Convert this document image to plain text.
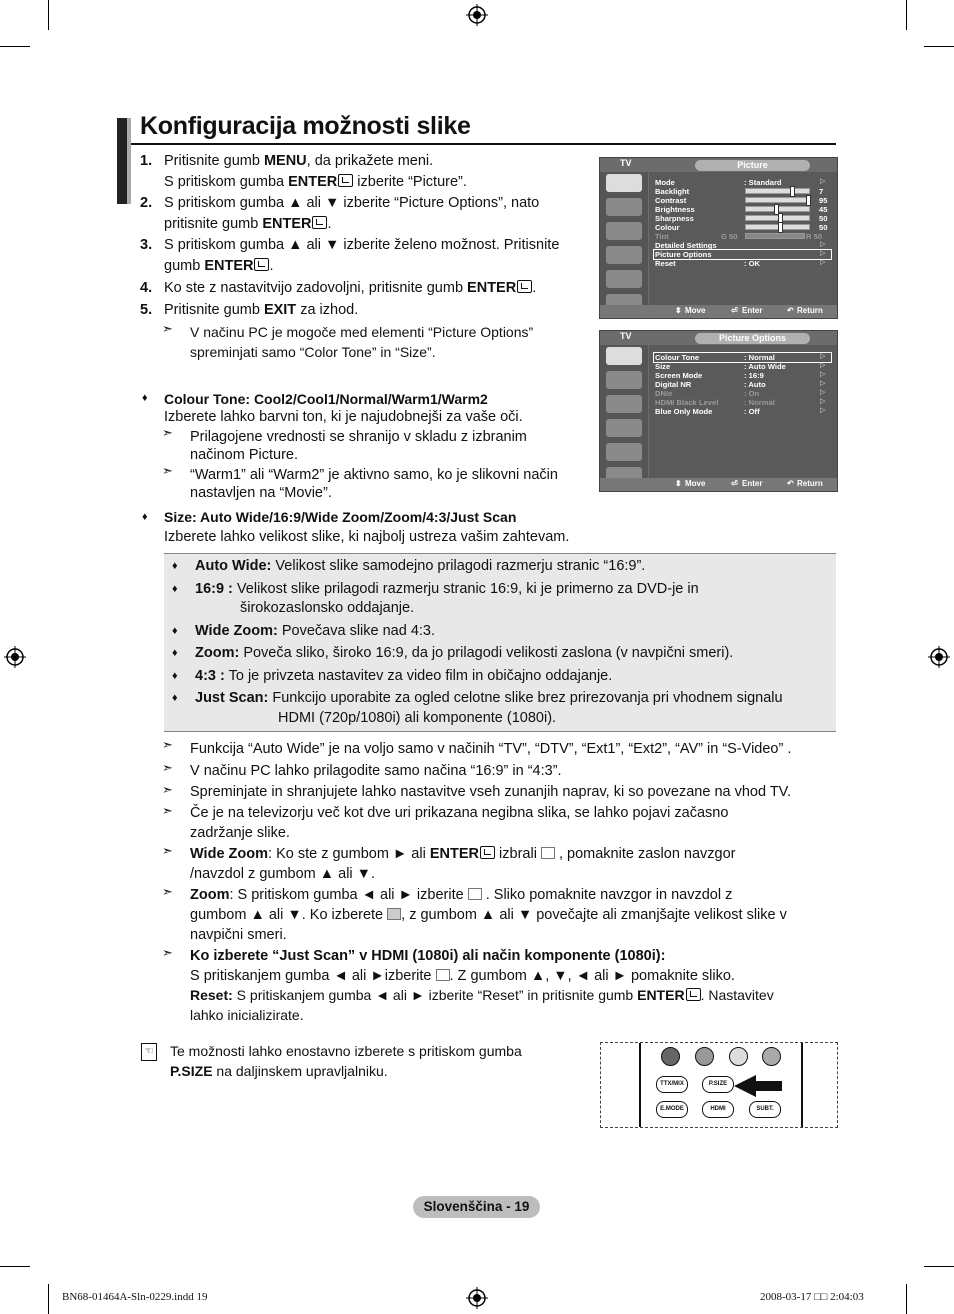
Konfiguracija možnosti slike
1. Pritisnite gumb MENU, da prikažete meni.
S pritiskom gumba ENTER izberite “Picture”.
2. S pritiskom gumba ▲ ali ▼ izberite “Picture Options”, nato
pritisnite gumb ENTER .
3. S pritiskom gumba ▲ ali ▼ izberite želeno možnost. Pritisnite
gumb ENTER .
4. Ko ste z nastavitvijo zadovoljni, pritisnite gumb ENTER .
5. Pritisnite gumb EXIT za izhod.
➣ V načinu PC je mogoče med elementi “Picture Options”
spreminjati samo “Color Tone” in “Size”.
♦ Colour Tone: Cool2/Cool1/Normal/Warm1/Warm2
Izberete lahko barvni ton, ki je najudobnejši za vaše oči.
➣ Prilagojene vrednosti se shranijo v skladu z izbranim
načinom Picture.
➣ “Warm1” ali “Warm2” je aktivno samo, ko je slikovni način
nastavljen na “Movie”.
♦ Size: Auto Wide/16:9/Wide Zoom/Zoom/4:3/Just Scan
Izberete lahko velikost slike, ki najbolj ustreza vašim zahtevam.
♦ Auto Wide: Velikost slike samodejno prilagodi razmerju stranic “16:9”.
♦ 16:9 : Velikost slike prilagodi razmerju stranic 16:9, ki je primerno za DVD-je in
širokozaslonsko oddajanje.
♦ Wide Zoom: Povečava slike nad 4:3.
♦ Zoom: Poveča sliko, široko 16:9, da jo prilagodi velikosti zaslona (v navpični smeri).
♦ 4:3 : To je privzeta nastavitev za video film in običajno oddajanje.
♦ Just Scan: Funkcijo uporabite za ogled celotne slike brez prirezovanja pri vhodnem signalu
HDMI (720p/1080i) ali komponente (1080i).
➣ Funkcija “Auto Wide” je na voljo samo v načinih “TV”, “DTV”, “Ext1”, “Ext2”, “AV” in “S-Video” .
➣ V načinu PC lahko prilagodite samo načina “16:9” in “4:3”.
➣ Spreminjate in shranjujete lahko nastavitve vseh zunanjih naprav, ki so povezane na vhod TV.
➣ Če je na televizorju več kot dve uri prikazana negibna slika, se lahko pojavi začasno
zadržanje slike.
➣ Wide Zoom: Ko ste z gumbom ► ali ENTER izbrali  , pomaknite zaslon navzgor
/navzdol z gumbom ▲ ali ▼.
➣ Zoom: S pritiskom gumba ◄ ali ► izberite  . Sliko pomaknite navzgor in navzdol z
gumbom ▲ ali ▼. Ko izberete , z gumbom ▲ ali ▼ povečajte ali zmanjšajte velikost slike v
navpični smeri.
➣ Ko izberete “Just Scan” v HDMI (1080i) ali način komponente (1080i):
S pritiskanjem gumba ◄ ali ►izberite . Z gumbom ▲, ▼, ◄ ali ► pomaknite sliko.
Reset: S pritiskanjem gumba ◄ ali ► izberite “Reset” in pritisnite gumb ENTER . Nastavitev
lahko inicializirate.
☜ Te možnosti lahko enostavno izberete s pritiskom gumba
P.SIZE na daljinskem upravljalniku.
TTX/MIX	P.SIZE
E.MODE	HDMI	SUBT.
TV	Picture
Mode	: Standard	▷
Backlight	7
Contrast	95
Brightness	45
Sharpness	50
Colour	50
Tint	G 50	R 50
Detailed Settings	▷
Picture Options	▷
Reset	: OK	▷
⬍ Move	⏎ Enter	↶ Return
TV	Picture Options
Colour Tone	: Normal	▷
Size	: Auto Wide	▷
Screen Mode	: 16:9	▷
Digital NR	: Auto	▷
DNIe	: On	▷
HDMI Black Level	: Normal	▷
Blue Only Mode	: Off	▷
⬍ Move	⏎ Enter	↶ Return
Slovenščina - 19
BN68-01464A-Sln-0229.indd 19	2008-03-17 □□ 2:04:03
